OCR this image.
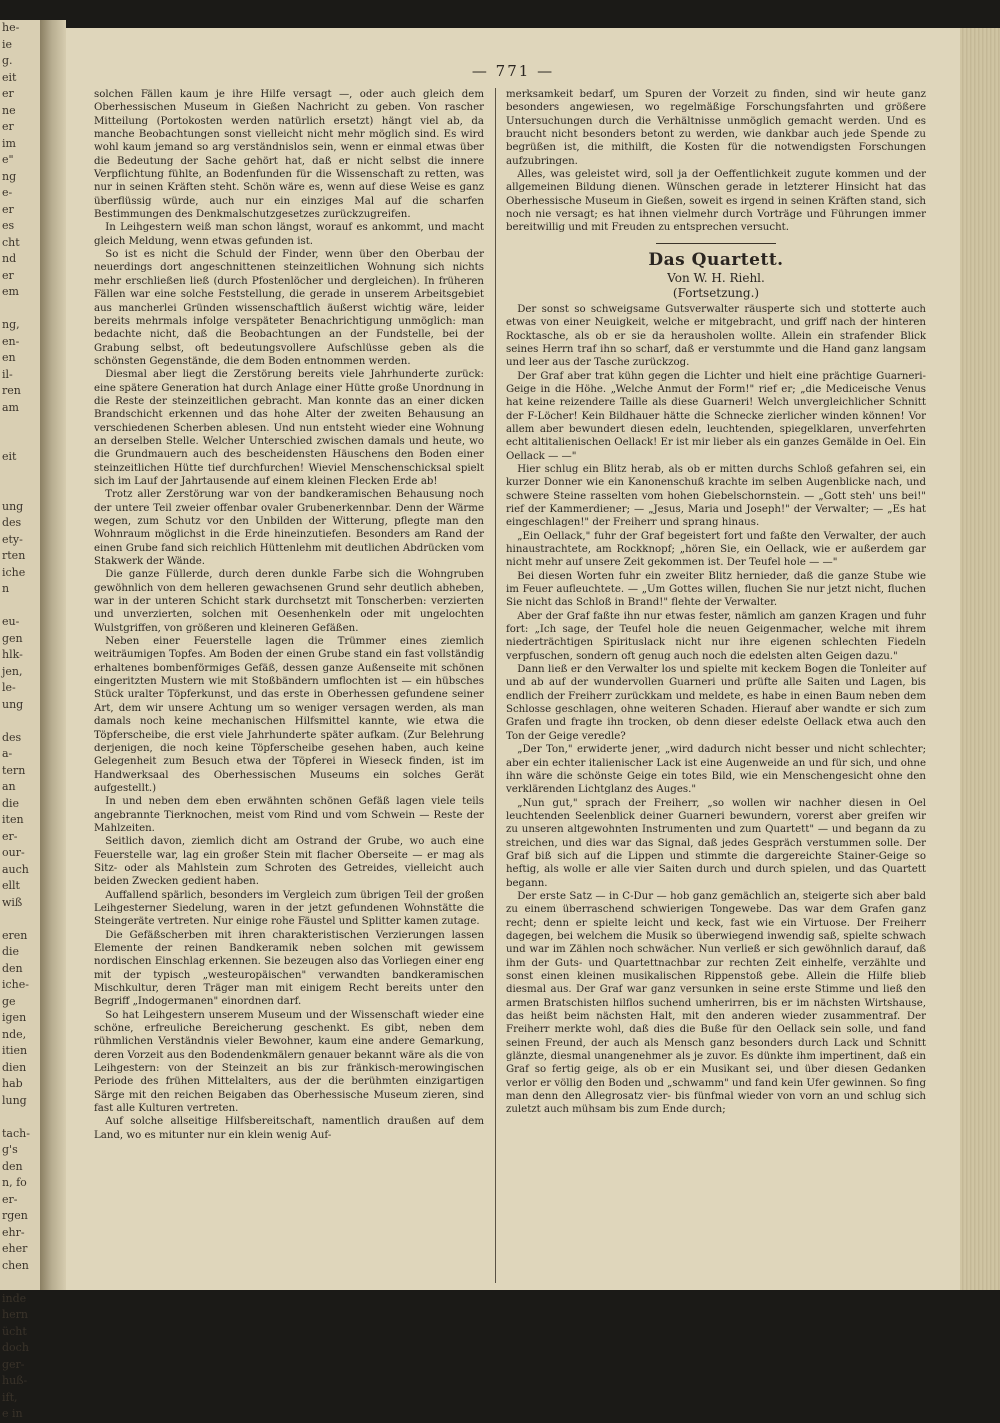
he-
ie
g.
eit
er
ne
er
im
e"
ng
e-
er
es
cht
nd
er
em

ng,
en-
en
il-
ren
am

eit

ung
des
ety-
rten
iche
n

eu-
gen
hlk-
jen,
le-
ung

des
a-
tern
an
die
iten
er-
our-
auch
ellt
wiß

eren
die
den
iche-
ge
igen
nde,
itien
dien
hab
lung

tach-
g's
den
n, fo
er-
rgen
ehr-
eher
chen

inde
hern
ücht
doch
ger-
huß-
ift,
e in
— 771 —

solchen Fällen kaum je ihre Hilfe versagt —, oder auch gleich dem Oberhessischen Museum in Gießen Nachricht zu geben. Von rascher Mitteilung (Portokosten werden natürlich ersetzt) hängt viel ab, da manche Beobachtungen sonst vielleicht nicht mehr möglich sind. Es wird wohl kaum jemand so arg verständnislos sein, wenn er einmal etwas über die Bedeutung der Sache gehört hat, daß er nicht selbst die innere Verpflichtung fühlte, an Bodenfunden für die Wissenschaft zu retten, was nur in seinen Kräften steht. Schön wäre es, wenn auf diese Weise es ganz überflüssig würde, auch nur ein einziges Mal auf die scharfen Bestimmungen des Denkmalschutzgesetzes zurückzugreifen.

In Leihgestern weiß man schon längst, worauf es ankommt, und macht gleich Meldung, wenn etwas gefunden ist.

So ist es nicht die Schuld der Finder, wenn über den Oberbau der neuerdings dort angeschnittenen steinzeitlichen Wohnung sich nichts mehr erschließen ließ (durch Pfostenlöcher und dergleichen). In früheren Fällen war eine solche Feststellung, die gerade in unserem Arbeitsgebiet aus mancherlei Gründen wissenschaftlich äußerst wichtig wäre, leider bereits mehrmals infolge verspäteter Benachrichtigung unmöglich: man bedachte nicht, daß die Beobachtungen an der Fundstelle, bei der Grabung selbst, oft bedeutungsvollere Aufschlüsse geben als die schönsten Gegenstände, die dem Boden entnommen werden.

Diesmal aber liegt die Zerstörung bereits viele Jahrhunderte zurück: eine spätere Generation hat durch Anlage einer Hütte große Unordnung in die Reste der steinzeitlichen gebracht. Man konnte das an einer dicken Brandschicht erkennen und das hohe Alter der zweiten Behausung an verschiedenen Scherben ablesen. Und nun entsteht wieder eine Wohnung an derselben Stelle. Welcher Unterschied zwischen damals und heute, wo die Grundmauern auch des bescheidensten Häuschens den Boden einer steinzeitlichen Hütte tief durchfurchen! Wieviel Menschenschicksal spielt sich im Lauf der Jahrtausende auf einem kleinen Flecken Erde ab!

Trotz aller Zerstörung war von der bandkeramischen Behausung noch der untere Teil zweier offenbar ovaler Grubenerkennbar. Denn der Wärme wegen, zum Schutz vor den Unbilden der Witterung, pflegte man den Wohnraum möglichst in die Erde hineinzutiefen. Besonders am Rand der einen Grube fand sich reichlich Hüttenlehm mit deutlichen Abdrücken vom Stakwerk der Wände.

Die ganze Füllerde, durch deren dunkle Farbe sich die Wohngruben gewöhnlich von dem helleren gewachsenen Grund sehr deutlich abheben, war in der unteren Schicht stark durchsetzt mit Tonscherben: verzierten und unverzierten, solchen mit Oesenhenkeln oder mit ungelochten Wulstgriffen, von größeren und kleineren Gefäßen.

Neben einer Feuerstelle lagen die Trümmer eines ziemlich weiträumigen Topfes. Am Boden der einen Grube stand ein fast vollständig erhaltenes bombenförmiges Gefäß, dessen ganze Außenseite mit schönen eingeritzten Mustern wie mit Stoßbändern umflochten ist — ein hübsches Stück uralter Töpferkunst, und das erste in Oberhessen gefundene seiner Art, dem wir unsere Achtung um so weniger versagen werden, als man damals noch keine mechanischen Hilfsmittel kannte, wie etwa die Töpferscheibe, die erst viele Jahrhunderte später aufkam. (Zur Belehrung derjenigen, die noch keine Töpferscheibe gesehen haben, auch keine Gelegenheit zum Besuch etwa der Töpferei in Wieseck finden, ist im Handwerksaal des Oberhessischen Museums ein solches Gerät aufgestellt.)

In und neben dem eben erwähnten schönen Gefäß lagen viele teils angebrannte Tierknochen, meist vom Rind und vom Schwein — Reste der Mahlzeiten.

Seitlich davon, ziemlich dicht am Ostrand der Grube, wo auch eine Feuerstelle war, lag ein großer Stein mit flacher Oberseite — er mag als Sitz- oder als Mahlstein zum Schroten des Getreides, vielleicht auch beiden Zwecken gedient haben.

Auffallend spärlich, besonders im Vergleich zum übrigen Teil der großen Leihgesterner Siedelung, waren in der jetzt gefundenen Wohnstätte die Steingeräte vertreten. Nur einige rohe Fäustel und Splitter kamen zutage.

Die Gefäßscherben mit ihren charakteristischen Verzierungen lassen Elemente der reinen Bandkeramik neben solchen mit gewissem nordischen Einschlag erkennen. Sie bezeugen also das Vorliegen einer eng mit der typisch „westeuropäischen" verwandten bandkeramischen Mischkultur, deren Träger man mit einigem Recht bereits unter den Begriff „Indogermanen" einordnen darf.

So hat Leihgestern unserem Museum und der Wissenschaft wieder eine schöne, erfreuliche Bereicherung geschenkt. Es gibt, neben dem rühmlichen Verständnis vieler Bewohner, kaum eine andere Gemarkung, deren Vorzeit aus den Bodendenkmälern genauer bekannt wäre als die von Leihgestern: von der Steinzeit an bis zur fränkisch-merowingischen Periode des frühen Mittelalters, aus der die berühmten einzigartigen Särge mit den reichen Beigaben das Oberhessische Museum zieren, sind fast alle Kulturen vertreten.

Auf solche allseitige Hilfsbereitschaft, namentlich draußen auf dem Land, wo es mitunter nur ein klein wenig Auf-

merksamkeit bedarf, um Spuren der Vorzeit zu finden, sind wir heute ganz besonders angewiesen, wo regelmäßige Forschungsfahrten und größere Untersuchungen durch die Verhältnisse unmöglich gemacht werden. Und es braucht nicht besonders betont zu werden, wie dankbar auch jede Spende zu begrüßen ist, die mithilft, die Kosten für die notwendigsten Forschungen aufzubringen.

Alles, was geleistet wird, soll ja der Oeffentlichkeit zugute kommen und der allgemeinen Bildung dienen. Wünschen gerade in letzterer Hinsicht hat das Oberhessische Museum in Gießen, soweit es irgend in seinen Kräften stand, sich noch nie versagt; es hat ihnen vielmehr durch Vorträge und Führungen immer bereitwillig und mit Freuden zu entsprechen versucht.

Das Quartett.
Von W. H. Riehl.
(Fortsetzung.)

Der sonst so schweigsame Gutsverwalter räusperte sich und stotterte auch etwas von einer Neuigkeit, welche er mitgebracht, und griff nach der hinteren Rocktasche, als ob er sie da herausholen wollte. Allein ein strafender Blick seines Herrn traf ihn so scharf, daß er verstummte und die Hand ganz langsam und leer aus der Tasche zurückzog.

Der Graf aber trat kühn gegen die Lichter und hielt eine prächtige Guarneri-Geige in die Höhe. „Welche Anmut der Form!" rief er; „die Mediceische Venus hat keine reizendere Taille als diese Guarneri! Welch unvergleichlicher Schnitt der F-Löcher! Kein Bildhauer hätte die Schnecke zierlicher winden können! Vor allem aber bewundert diesen edeln, leuchtenden, spiegelklaren, unverfehrten echt altitalienischen Oellack! Er ist mir lieber als ein ganzes Gemälde in Oel. Ein Oellack — —"

Hier schlug ein Blitz herab, als ob er mitten durchs Schloß gefahren sei, ein kurzer Donner wie ein Kanonenschuß krachte im selben Augenblicke nach, und schwere Steine rasselten vom hohen Giebelschornstein. — „Gott steh' uns bei!" rief der Kammerdiener; — „Jesus, Maria und Joseph!" der Verwalter; — „Es hat eingeschlagen!" der Freiherr und sprang hinaus.

„Ein Oellack," fuhr der Graf begeistert fort und faßte den Verwalter, der auch hinaustrachtete, am Rockknopf; „hören Sie, ein Oellack, wie er außerdem gar nicht mehr auf unsere Zeit gekommen ist. Der Teufel hole — —"

Bei diesen Worten fuhr ein zweiter Blitz hernieder, daß die ganze Stube wie im Feuer aufleuchtete. — „Um Gottes willen, fluchen Sie nur jetzt nicht, fluchen Sie nicht das Schloß in Brand!" flehte der Verwalter.

Aber der Graf faßte ihn nur etwas fester, nämlich am ganzen Kragen und fuhr fort: „Ich sage, der Teufel hole die neuen Geigenmacher, welche mit ihrem niederträchtigen Spirituslack nicht nur ihre eigenen schlechten Fiedeln verpfuschen, sondern oft genug auch noch die edelsten alten Geigen dazu."

Dann ließ er den Verwalter los und spielte mit keckem Bogen die Tonleiter auf und ab auf der wundervollen Guarneri und prüfte alle Saiten und Lagen, bis endlich der Freiherr zurückkam und meldete, es habe in einen Baum neben dem Schlosse geschlagen, ohne weiteren Schaden. Hierauf aber wandte er sich zum Grafen und fragte ihn trocken, ob denn dieser edelste Oellack etwa auch den Ton der Geige veredle?

„Der Ton," erwiderte jener, „wird dadurch nicht besser und nicht schlechter; aber ein echter italienischer Lack ist eine Augenweide an und für sich, und ohne ihn wäre die schönste Geige ein totes Bild, wie ein Menschengesicht ohne den verklärenden Lichtglanz des Auges."

„Nun gut," sprach der Freiherr, „so wollen wir nachher diesen in Oel leuchtenden Seelenblick deiner Guarneri bewundern, vorerst aber greifen wir zu unseren altgewohnten Instrumenten und zum Quartett" — und begann da zu streichen, und dies war das Signal, daß jedes Gespräch verstummen solle. Der Graf biß sich auf die Lippen und stimmte die dargereichte Stainer-Geige so heftig, als wolle er alle vier Saiten durch und durch spielen, und das Quartett begann.

Der erste Satz — in C-Dur — hob ganz gemächlich an, steigerte sich aber bald zu einem überraschend schwierigen Tongewebe. Das war dem Grafen ganz recht; denn er spielte leicht und keck, fast wie ein Virtuose. Der Freiherr dagegen, bei welchem die Musik so überwiegend inwendig saß, spielte schwach und war im Zählen noch schwächer. Nun verließ er sich gewöhnlich darauf, daß ihm der Guts- und Quartettnachbar zur rechten Zeit einhelfe, verzählte und sonst einen kleinen musikalischen Rippenstoß gebe. Allein die Hilfe blieb diesmal aus. Der Graf war ganz versunken in seine erste Stimme und ließ den armen Bratschisten hilflos suchend umherirren, bis er im nächsten Wirtshause, das heißt beim nächsten Halt, mit den anderen wieder zusammentraf. Der Freiherr merkte wohl, daß dies die Buße für den Oellack sein solle, und fand seinen Freund, der auch als Mensch ganz besonders durch Lack und Schnitt glänzte, diesmal unangenehmer als je zuvor. Es dünkte ihm impertinent, daß ein Graf so fertig geige, als ob er ein Musikant sei, und über diesen Gedanken verlor er völlig den Boden und „schwamm" und fand kein Ufer gewinnen. So fing man denn den Allegrosatz vier- bis fünfmal wieder von vorn an und schlug sich zuletzt auch mühsam bis zum Ende durch;
